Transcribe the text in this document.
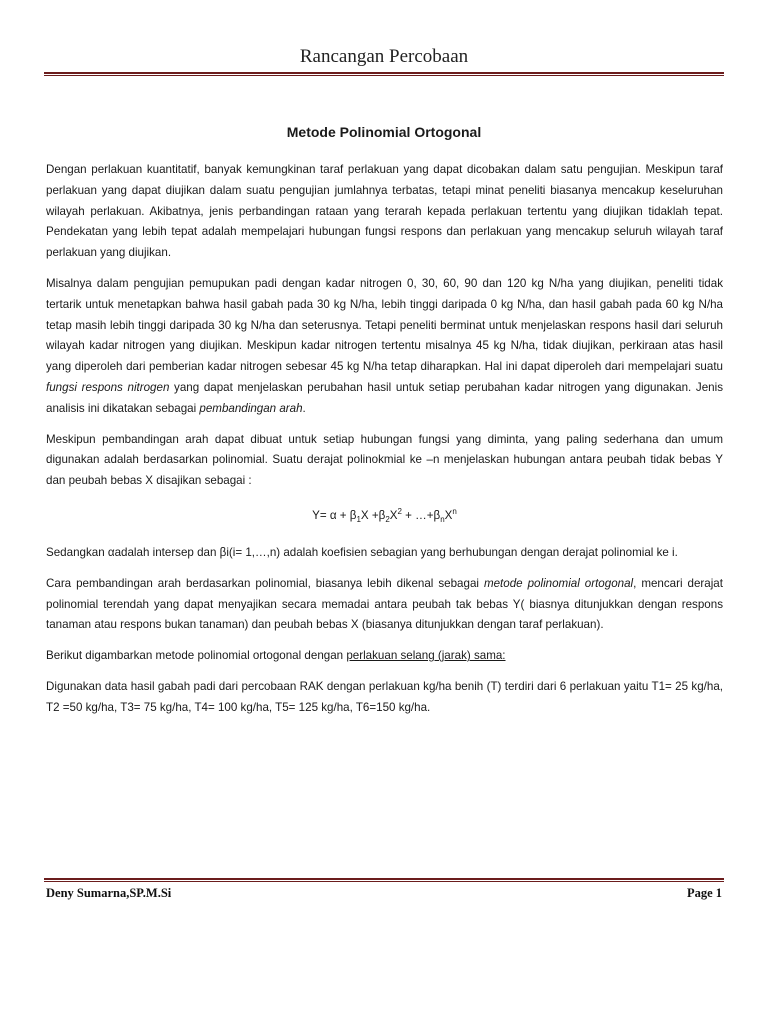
Rancangan Percobaan
Metode Polinomial Ortogonal

Dengan perlakuan kuantitatif, banyak kemungkinan taraf perlakuan yang dapat dicobakan dalam satu pengujian. Meskipun taraf perlakuan yang dapat diujikan dalam suatu pengujian jumlahnya terbatas, tetapi minat peneliti biasanya mencakup keseluruhan wilayah perlakuan. Akibatnya, jenis perbandingan rataan yang terarah kepada perlakuan tertentu yang diujikan tidaklah tepat. Pendekatan yang lebih tepat adalah mempelajari hubungan fungsi respons dan perlakuan yang mencakup seluruh wilayah taraf perlakuan yang diujikan.

Misalnya dalam pengujian pemupukan padi dengan kadar nitrogen 0, 30, 60, 90 dan 120 kg N/ha yang diujikan, peneliti tidak tertarik untuk menetapkan bahwa hasil gabah pada 30 kg N/ha, lebih tinggi daripada 0 kg N/ha, dan hasil gabah pada 60 kg N/ha tetap masih lebih tinggi daripada 30 kg N/ha dan seterusnya. Tetapi peneliti berminat untuk menjelaskan respons hasil dari seluruh wilayah kadar nitrogen yang diujikan. Meskipun kadar nitrogen tertentu misalnya 45 kg N/ha, tidak diujikan, perkiraan atas hasil yang diperoleh dari pemberian kadar nitrogen sebesar 45 kg N/ha tetap diharapkan. Hal ini dapat diperoleh dari mempelajari suatu fungsi respons nitrogen yang dapat menjelaskan perubahan hasil untuk setiap perubahan kadar nitrogen yang digunakan. Jenis analisis ini dikatakan sebagai pembandingan arah.

Meskipun pembandingan arah dapat dibuat untuk setiap hubungan fungsi yang diminta, yang paling sederhana dan umum digunakan adalah berdasarkan polinomial. Suatu derajat polinokmial ke –n menjelaskan hubungan antara peubah tidak bebas Y dan peubah bebas X disajikan sebagai :

$Y= \alpha + \beta_1X +\beta_2X^2$ + $\dots+\beta_nX^n$

Sedangkan αadalah intersep dan βi(i= 1,…,n) adalah koefisien sebagian yang berhubungan dengan derajat polinomial ke i.

Cara pembandingan arah berdasarkan polinomial, biasanya lebih dikenal sebagai metode polinomial ortogonal, mencari derajat polinomial terendah yang dapat menyajikan secara memadai antara peubah tak bebas Y( biasnya ditunjukkan dengan respons tanaman atau respons bukan tanaman) dan peubah bebas X (biasanya ditunjukkan dengan taraf perlakuan).

Berikut digambarkan metode polinomial ortogonal dengan perlakuan selang (jarak) sama:

Digunakan data hasil gabah padi dari percobaan RAK dengan perlakuan kg/ha benih (T) terdiri dari 6 perlakuan yaitu T1= 25 kg/ha, T2 =50 kg/ha, T3= 75 kg/ha, T4= 100 kg/ha, T5= 125 kg/ha, T6=150 kg/ha.

Deny Sumarna,SP.M.Si	Page 1
